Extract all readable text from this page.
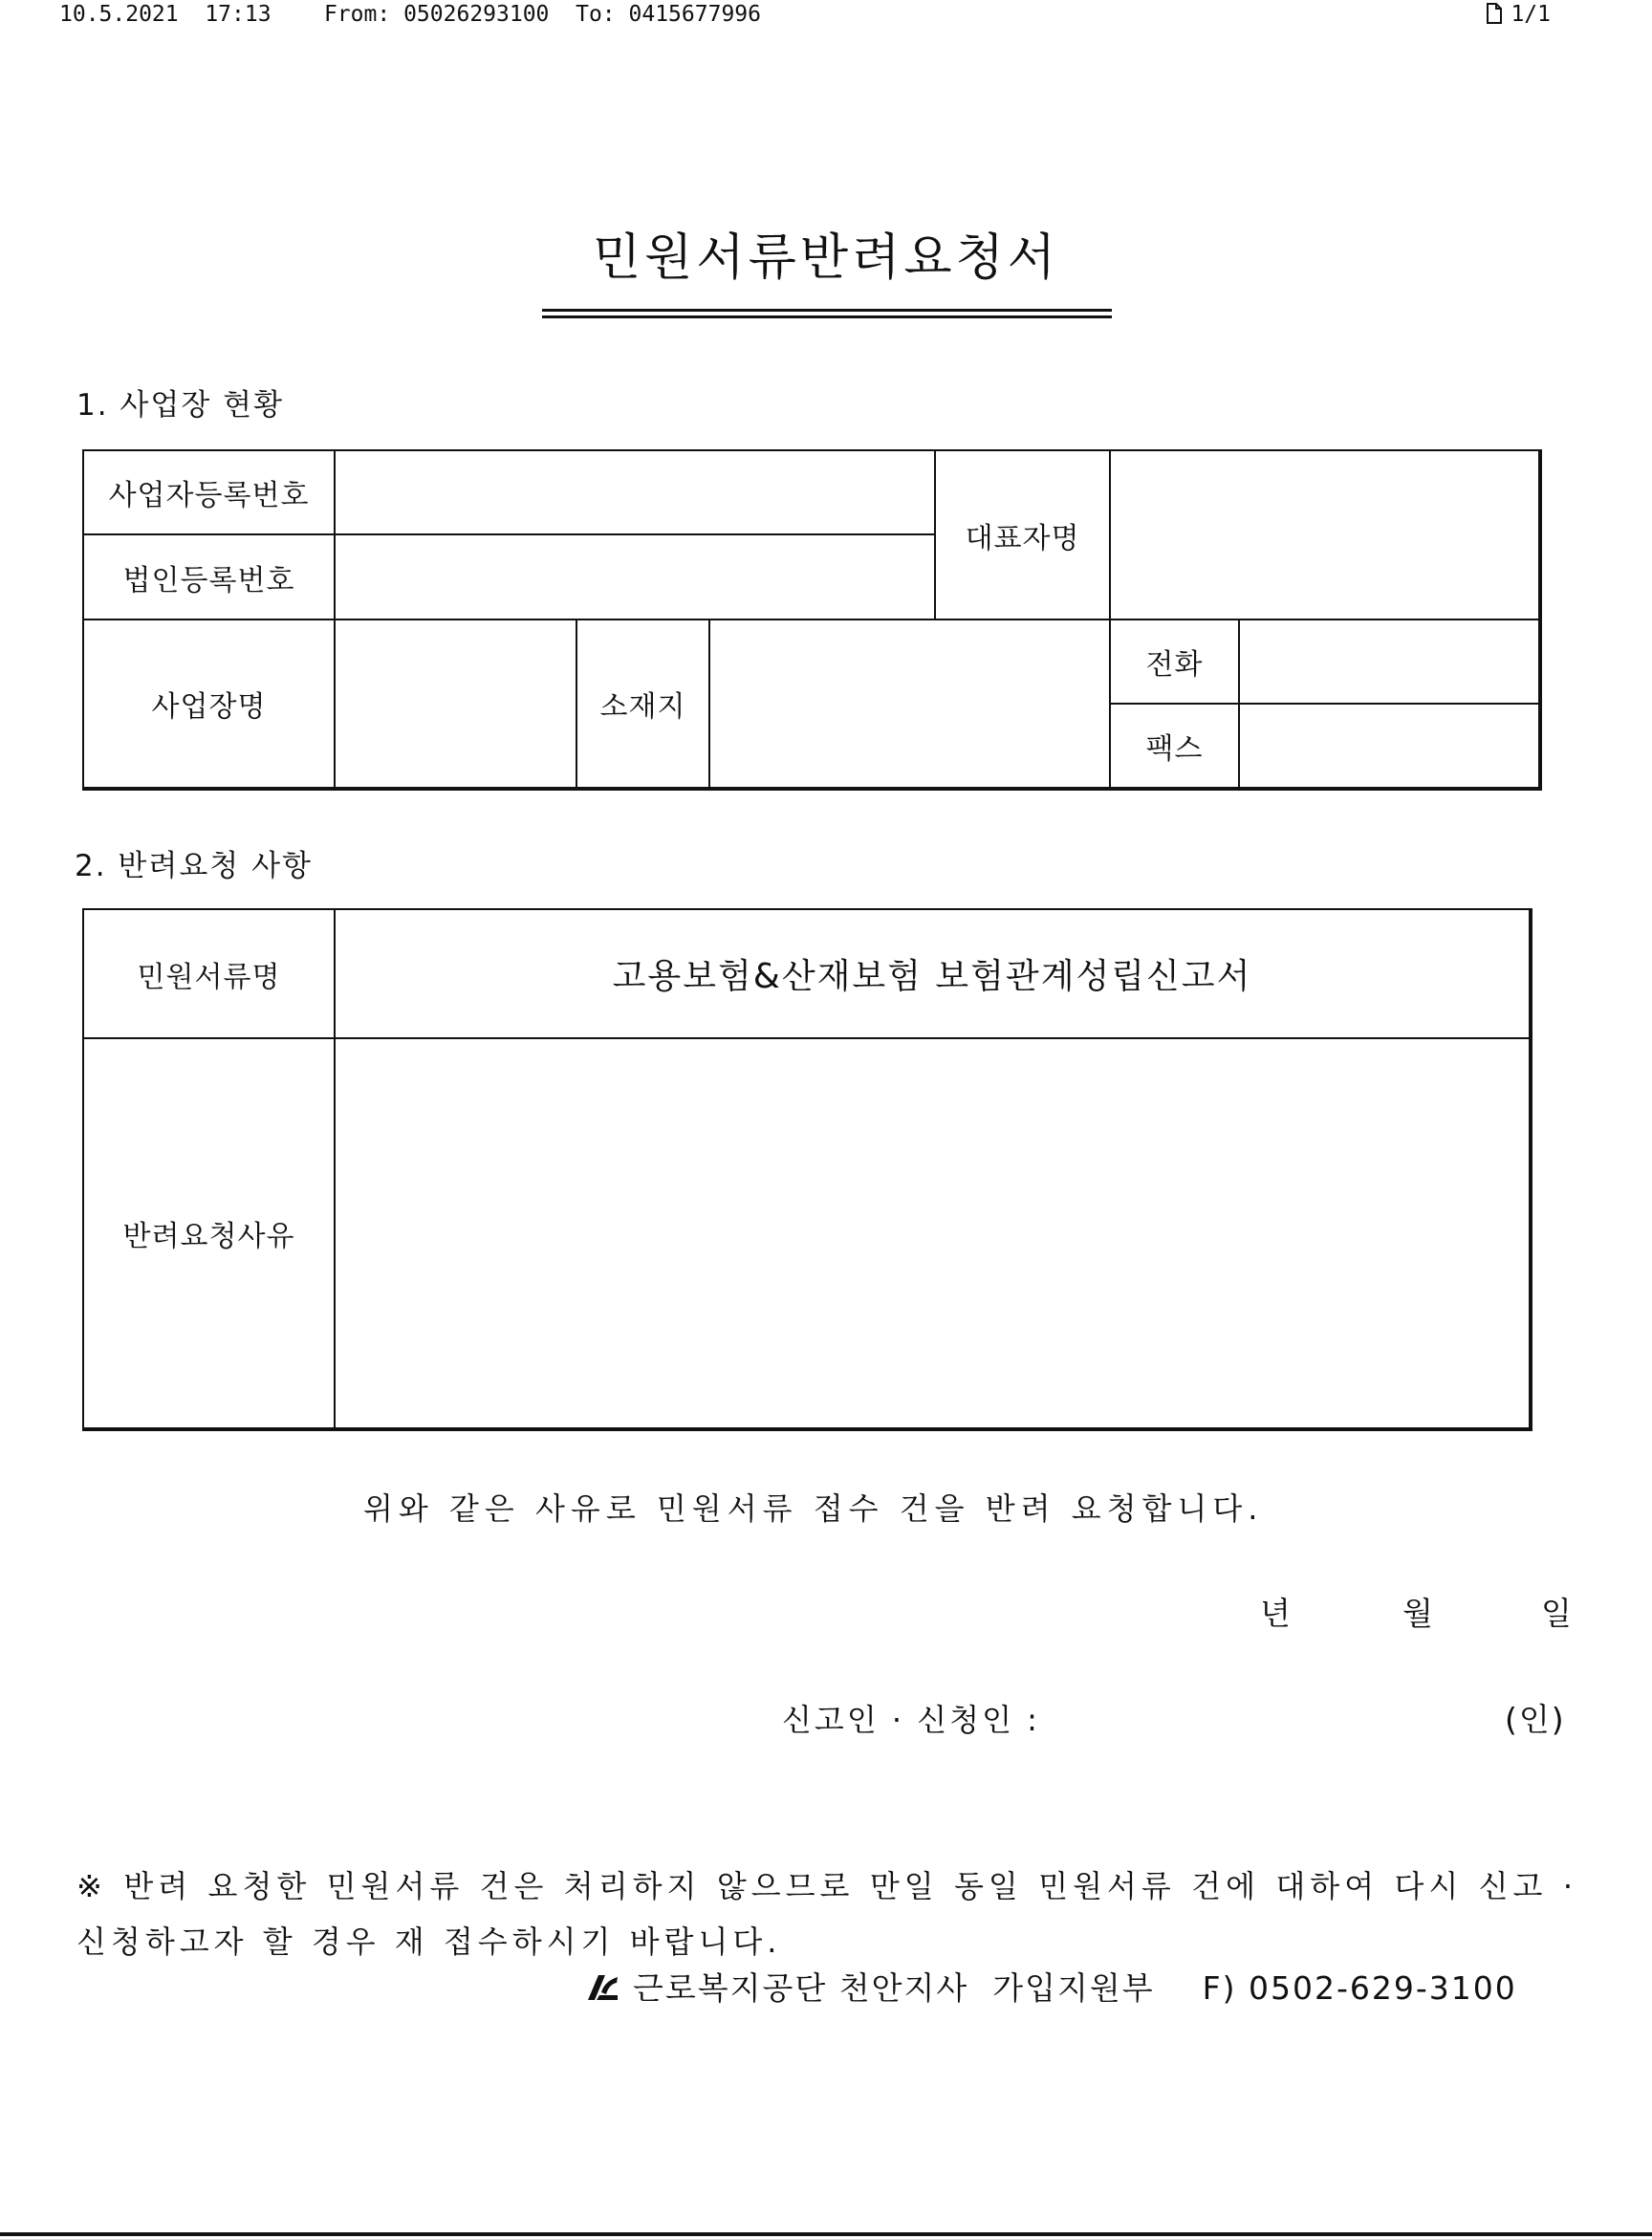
10.5.2021 17:13 From: 05026293100 To: 0415677996	1/1
민원서류반려요청서
1. 사업장 현황
사업자등록번호				대표자명		
법인등록번호						
사업장명		소재지			전화	
					팩스	
2. 반려요청 사항
민원서류명	고용보험&산재보험 보험관계성립신고서
반려요청사유	
위와 같은 사유로 민원서류 접수 건을 반려 요청합니다.
년	월	일
신고인 · 신청인 :	(인)
※ 반려 요청한 민원서류 건은 처리하지 않으므로 만일 동일 민원서류 건에 대하여 다시 신고 · 신청하고자 할 경우 재 접수하시기 바랍니다.
근로복지공단 천안지사 가입지원부 F) 0502-629-3100
